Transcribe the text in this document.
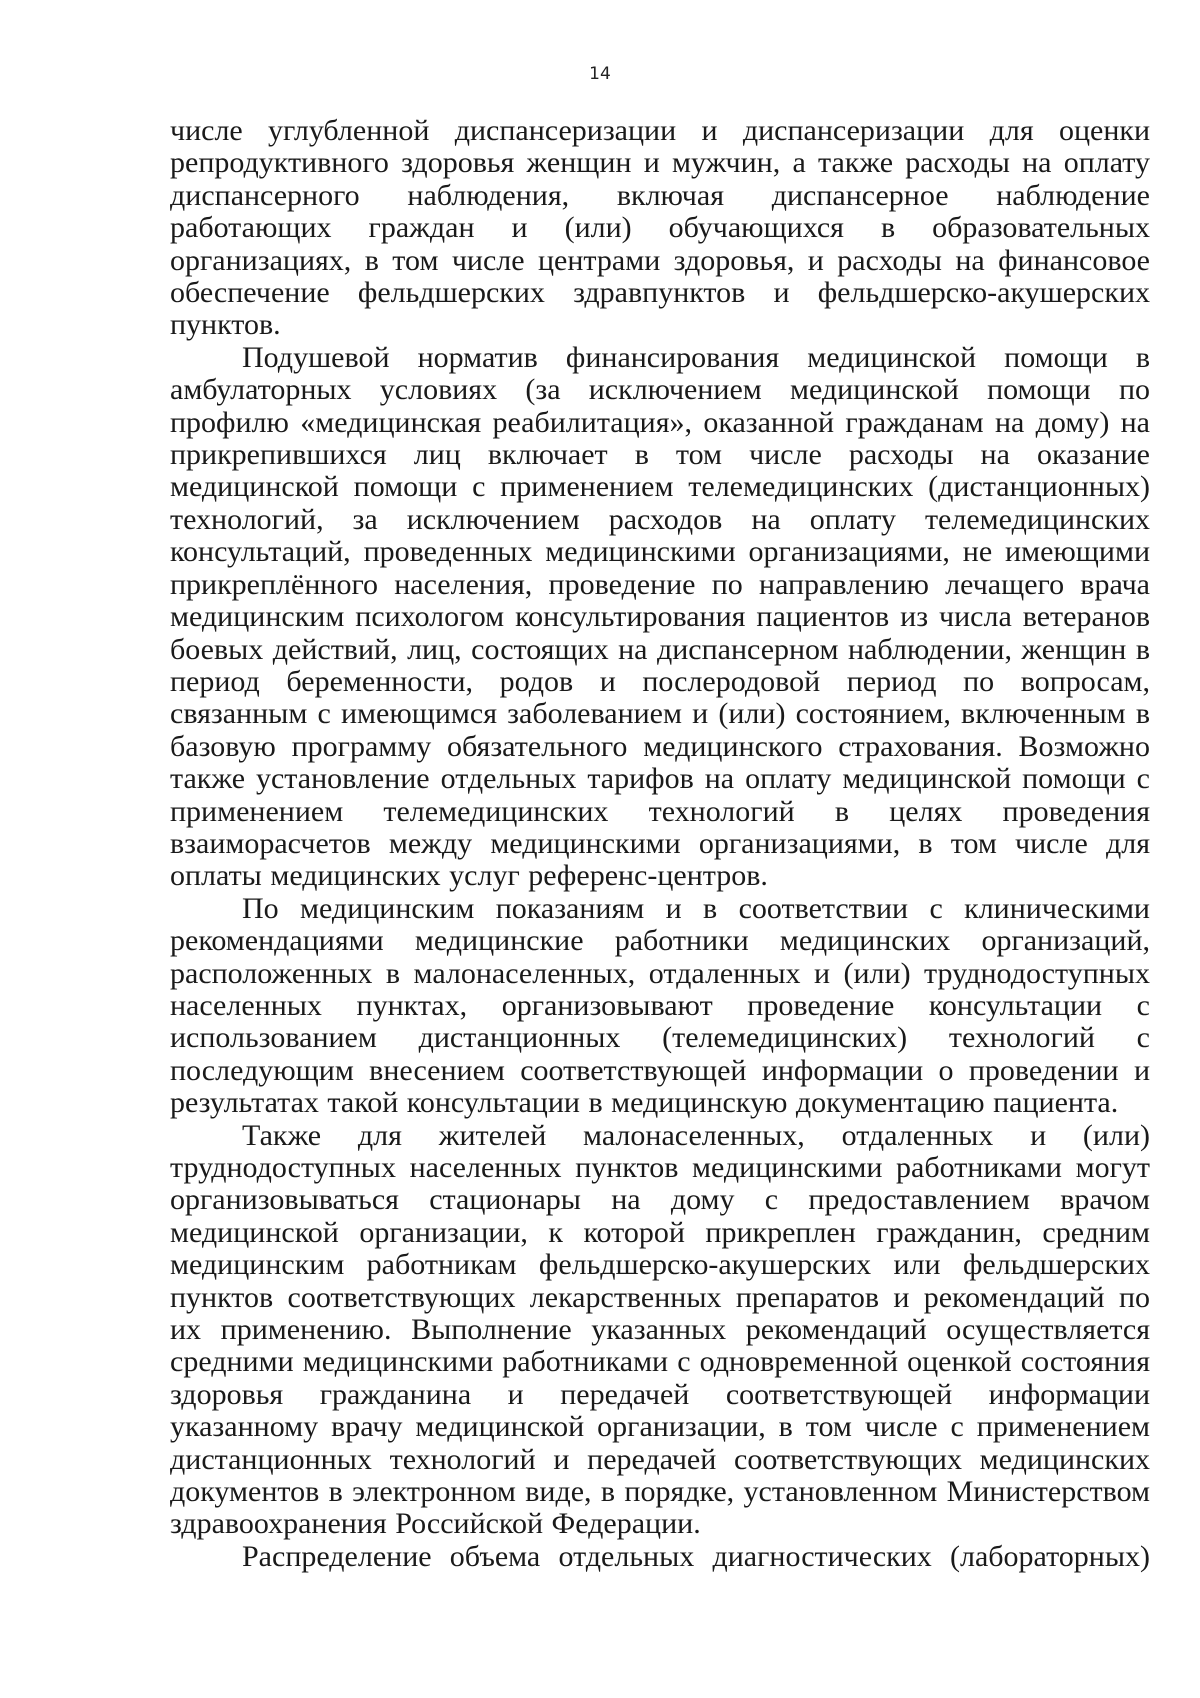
14

числе углубленной диспансеризации и диспансеризации для оценки репродуктивного здоровья женщин и мужчин, а также расходы на оплату диспансерного наблюдения, включая диспансерное наблюдение работающих граждан и (или) обучающихся в образовательных организациях, в том числе центрами здоровья, и расходы на финансовое обеспечение фельдшерских здравпунктов и фельдшерско-акушерских пунктов.

Подушевой норматив финансирования медицинской помощи в амбулаторных условиях (за исключением медицинской помощи по профилю «медицинская реабилитация», оказанной гражданам на дому) на прикрепившихся лиц включает в том числе расходы на оказание медицинской помощи с применением телемедицинских (дистанционных) технологий, за исключением расходов на оплату телемедицинских консультаций, проведенных медицинскими организациями, не имеющими прикреплённого населения, проведение по направлению лечащего врача медицинским психологом консультирования пациентов из числа ветеранов боевых действий, лиц, состоящих на диспансерном наблюдении, женщин в период беременности, родов и послеродовой период по вопросам, связанным с имеющимся заболеванием и (или) состоянием, включенным в базовую программу обязательного медицинского страхования. Возможно также установление отдельных тарифов на оплату медицинской помощи с применением телемедицинских технологий в целях проведения взаиморасчетов между медицинскими организациями, в том числе для оплаты медицинских услуг референс-центров.

По медицинским показаниям и в соответствии с клиническими рекомендациями медицинские работники медицинских организаций, расположенных в малонаселенных, отдаленных и (или) труднодоступных населенных пунктах, организовывают проведение консультации с использованием дистанционных (телемедицинских) технологий с последующим внесением соответствующей информации о проведении и результатах такой консультации в медицинскую документацию пациента.

Также для жителей малонаселенных, отдаленных и (или) труднодоступных населенных пунктов медицинскими работниками могут организовываться стационары на дому с предоставлением врачом медицинской организации, к которой прикреплен гражданин, средним медицинским работникам фельдшерско-акушерских или фельдшерских пунктов соответствующих лекарственных препаратов и рекомендаций по их применению. Выполнение указанных рекомендаций осуществляется средними медицинскими работниками с одновременной оценкой состояния здоровья гражданина и передачей соответствующей информации указанному врачу медицинской организации, в том числе с применением дистанционных технологий и передачей соответствующих медицинских документов в электронном виде, в порядке, установленном Министерством здравоохранения Российской Федерации.

Распределение объема отдельных диагностических (лабораторных)
